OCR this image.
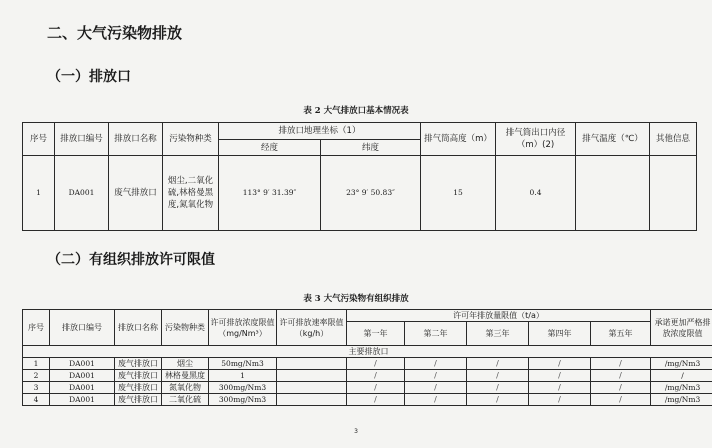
二、大气污染物排放
（一）排放口
表 2 大气排放口基本情况表
序号	排放口编号	排放口名称	污染物种类	排放口地理坐标（1）		排气筒高度（m）	排气筒出口内径（m）(2)	排气温度（℃）	其他信息
				经度	纬度				
1	DA001	废气排放口	烟尘,二氧化硫,林格曼黑度,氮氧化物	113° 9′ 31.39″	23° 9′ 50.83″	15	0.4		
（二）有组织排放许可限值
表 3 大气污染物有组织排放
序号	排放口编号	排放口名称	污染物种类	许可排放浓度限值（mg/Nm³）	许可排放速率限值（kg/h）	许可年排放量限值（t/a）					承诺更加严格排放浓度限值
						第一年	第二年	第三年	第四年	第五年	
主要排放口											
1	DA001	废气排放口	烟尘	50mg/Nm3		/	/	/	/	/	/mg/Nm3
2	DA001	废气排放口	林格曼黑度	1		/	/	/	/	/	/
3	DA001	废气排放口	氮氧化物	300mg/Nm3		/	/	/	/	/	/mg/Nm3
4	DA001	废气排放口	二氧化硫	300mg/Nm3		/	/	/	/	/	/mg/Nm3
3
